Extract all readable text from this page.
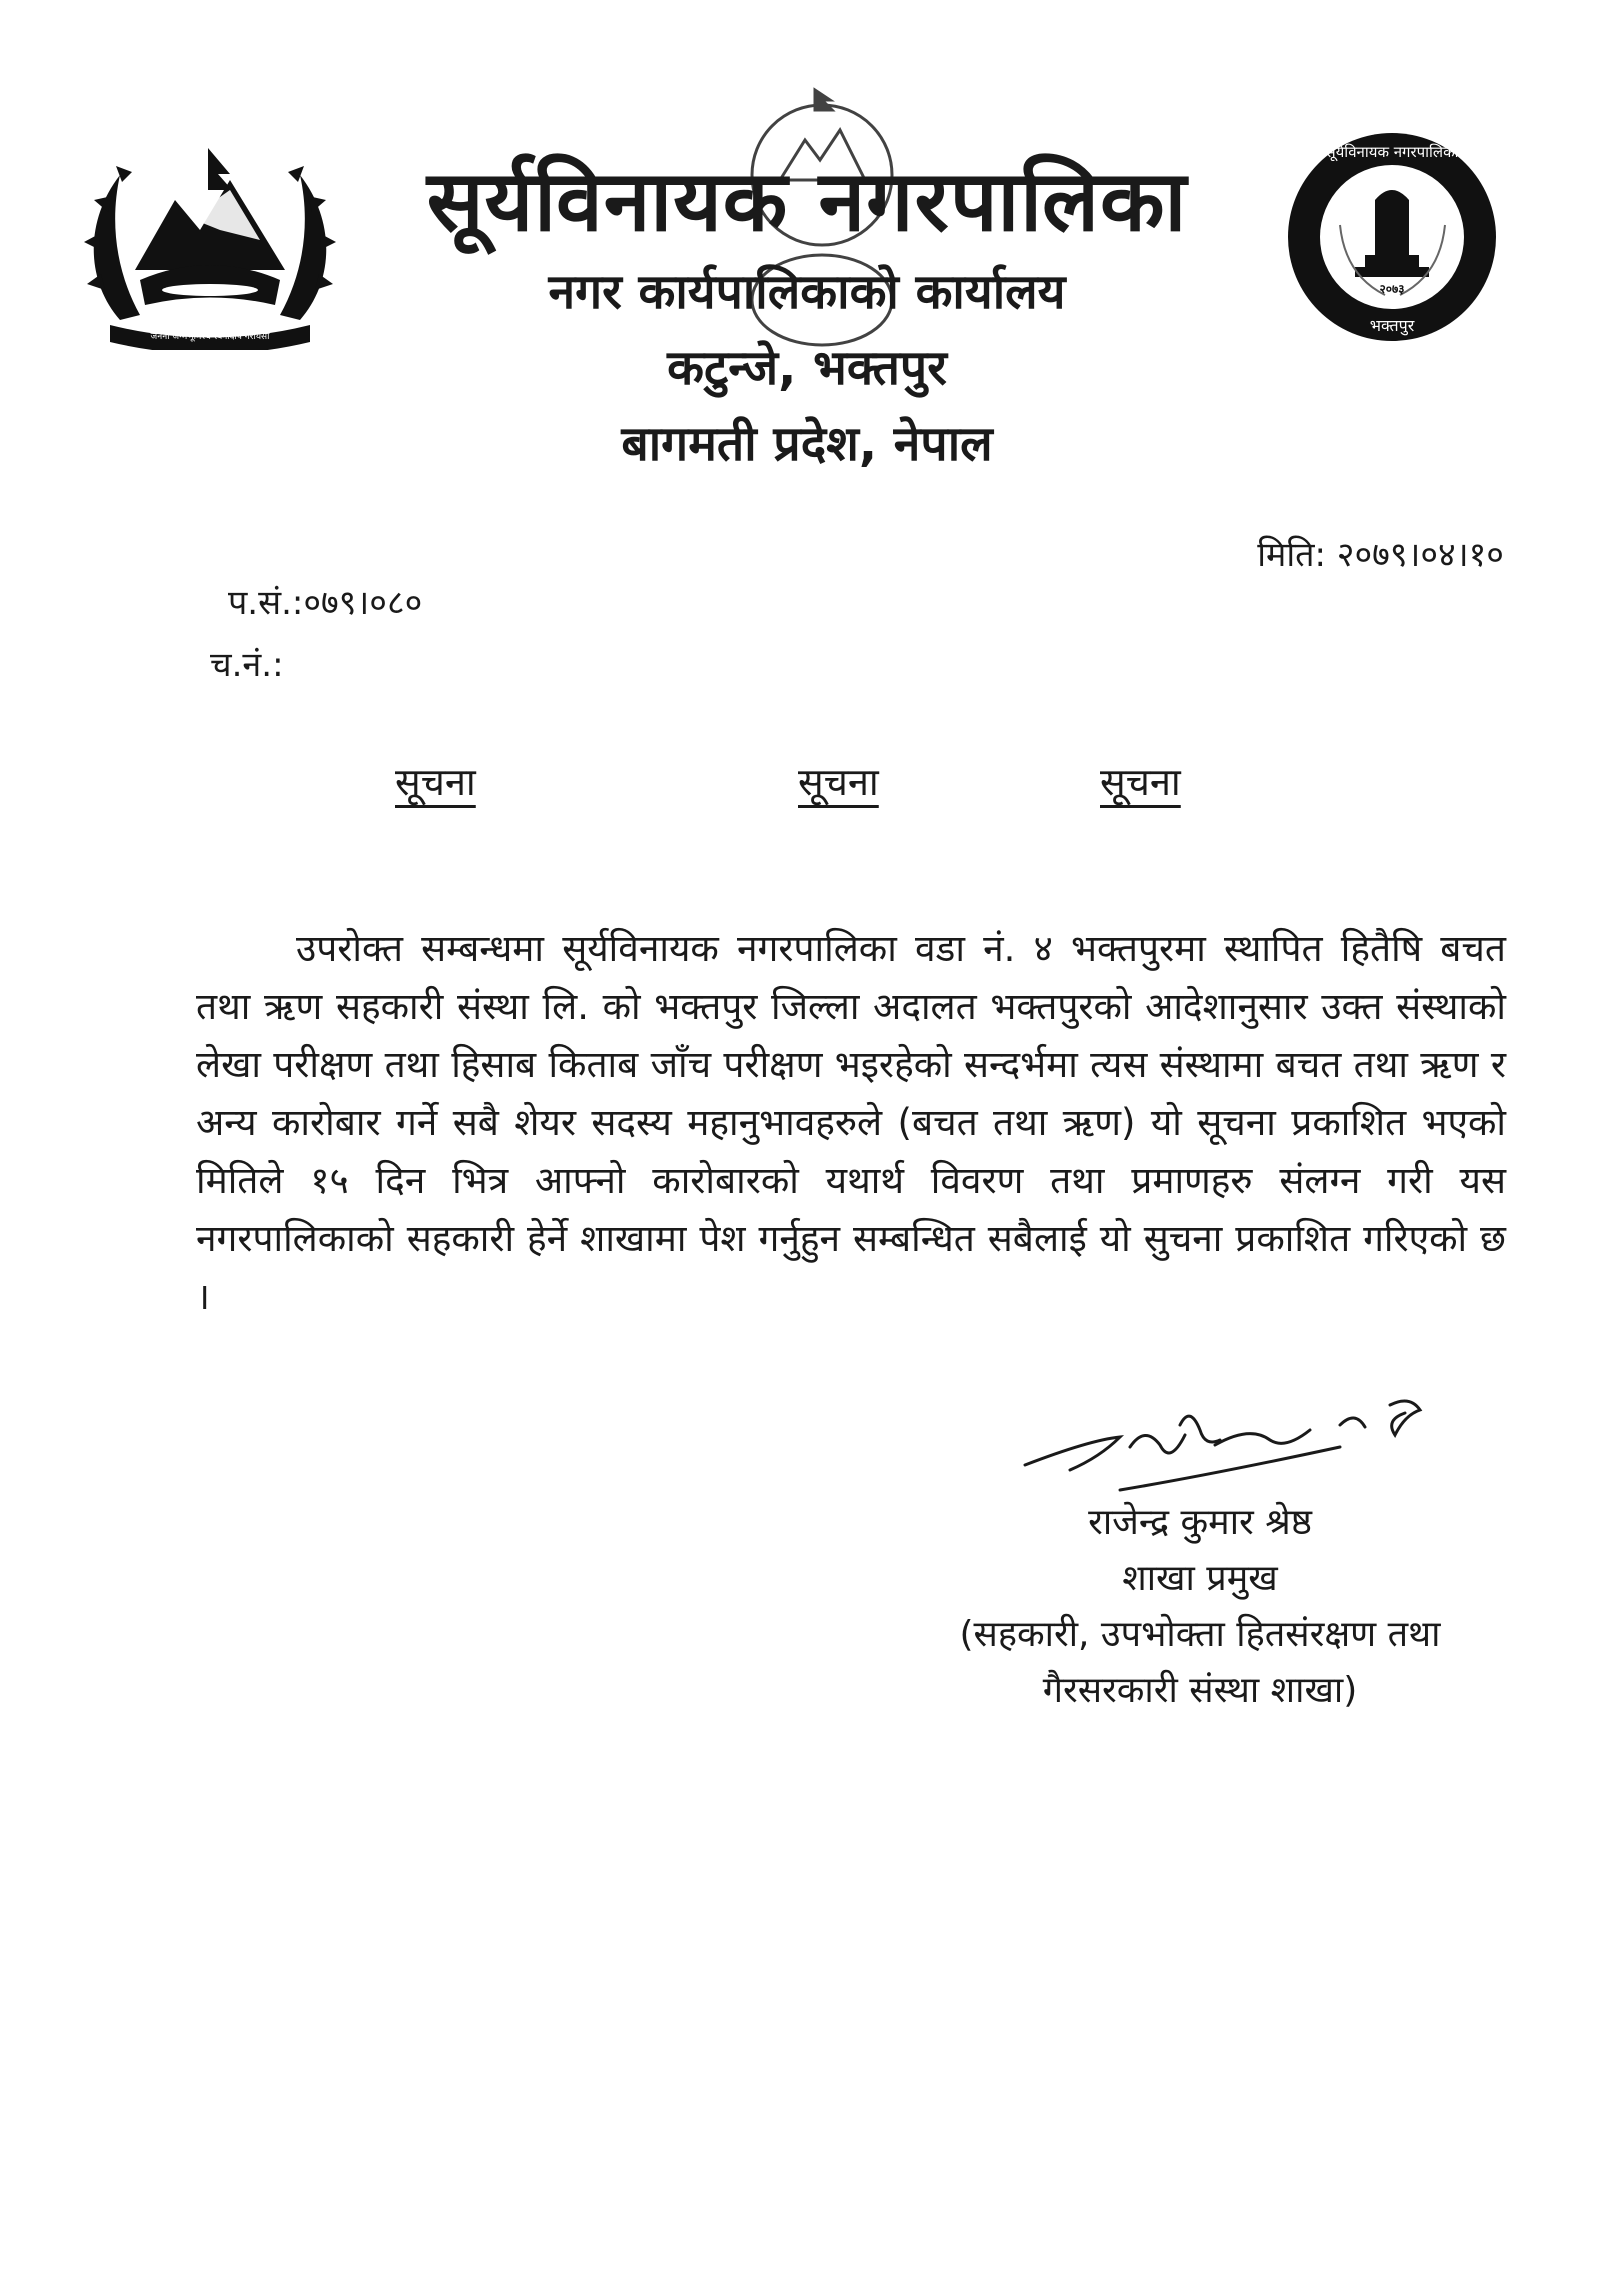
जननी जन्मभूमिश्च स्वर्गादपि गरीयसी
२०७३
सूर्यविनायक नगरपालिका
भक्तपुर
सूर्यविनायक नगरपालिका
नगर कार्यपालिकाको कार्यालय
कटुन्जे, भक्तपुर
बागमती प्रदेश, नेपाल
मिति: २०७९।०४।१०
प.सं.:०७९।०८०
च.नं.:
सूचना	सूचना	सूचना
उपरोक्त सम्बन्धमा सूर्यविनायक नगरपालिका वडा नं. ४ भक्तपुरमा स्थापित हितैषि बचत तथा ऋण सहकारी संस्था लि. को भक्तपुर जिल्ला अदालत भक्तपुरको आदेशानुसार उक्त संस्थाको लेखा परीक्षण तथा हिसाब किताब जाँच परीक्षण भइरहेको सन्दर्भमा त्यस संस्थामा बचत तथा ऋण र अन्य कारोबार गर्ने सबै शेयर सदस्य महानुभावहरुले (बचत तथा ऋण) यो सूचना प्रकाशित भएको मितिले १५ दिन भित्र आफ्नो कारोबारको यथार्थ विवरण तथा प्रमाणहरु संलग्न गरी यस नगरपालिकाको सहकारी हेर्ने शाखामा पेश गर्नुहुन सम्बन्धित सबैलाई यो सुचना प्रकाशित गरिएको छ ।
राजेन्द्र कुमार श्रेष्ठ
शाखा प्रमुख
(सहकारी, उपभोक्ता हितसंरक्षण तथा
गैरसरकारी संस्था शाखा)
